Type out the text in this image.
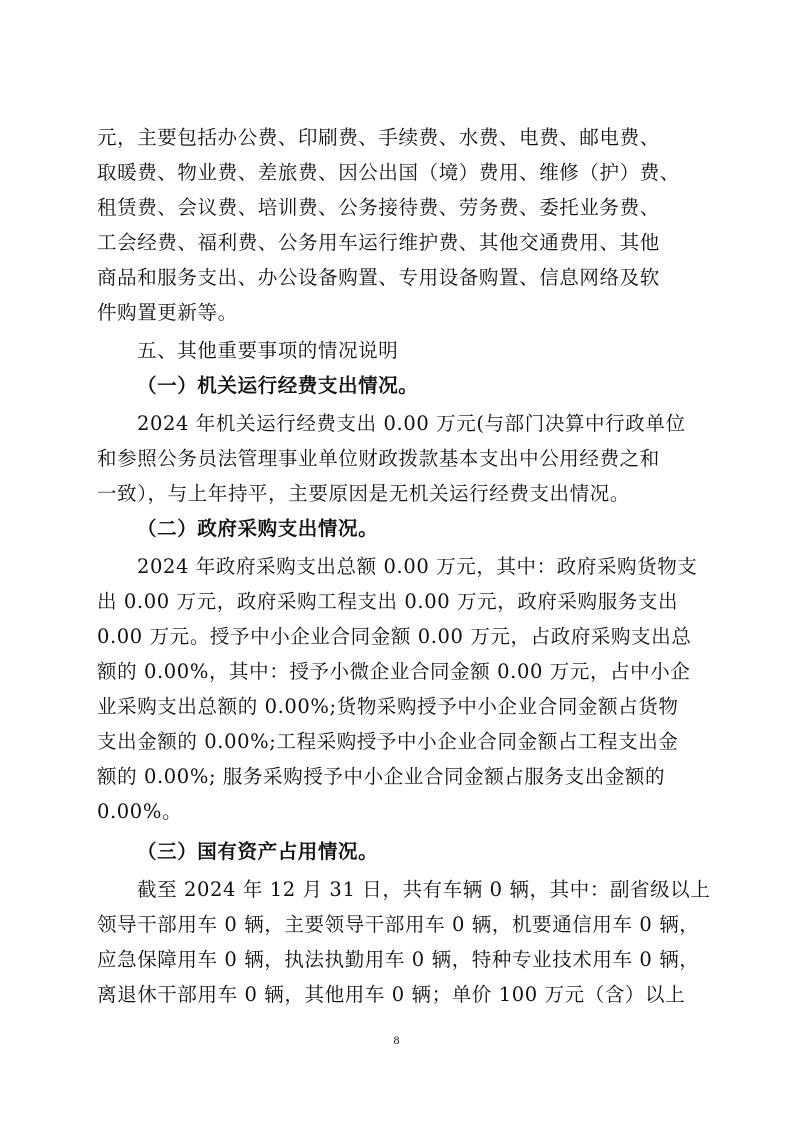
元，主要包括办公费、印刷费、手续费、水费、电费、邮电费、
取暖费、物业费、差旅费、因公出国（境）费用、维修（护）费、
租赁费、会议费、培训费、公务接待费、劳务费、委托业务费、
工会经费、福利费、公务用车运行维护费、其他交通费用、其他
商品和服务支出、办公设备购置、专用设备购置、信息网络及软
件购置更新等。
五、其他重要事项的情况说明
（一）机关运行经费支出情况。
2024 年机关运行经费支出 0.00 万元(与部门决算中行政单位
和参照公务员法管理事业单位财政拨款基本支出中公用经费之和
一致），与上年持平，主要原因是无机关运行经费支出情况。
（二）政府采购支出情况。
2024 年政府采购支出总额 0.00 万元，其中：政府采购货物支
出 0.00 万元，政府采购工程支出 0.00 万元，政府采购服务支出
0.00 万元。授予中小企业合同金额 0.00 万元，占政府采购支出总
额的 0.00%，其中：授予小微企业合同金额 0.00 万元，占中小企
业采购支出总额的 0.00%;货物采购授予中小企业合同金额占货物
支出金额的 0.00%;工程采购授予中小企业合同金额占工程支出金
额的 0.00%; 服务采购授予中小企业合同金额占服务支出金额的
0.00%。
（三）国有资产占用情况。
截至 2024 年 12 月 31 日，共有车辆 0 辆，其中：副省级以上
领导干部用车 0 辆，主要领导干部用车 0 辆，机要通信用车 0 辆，
应急保障用车 0 辆，执法执勤用车 0 辆，特种专业技术用车 0 辆，
离退休干部用车 0 辆，其他用车 0 辆；单价 100 万元（含）以上
8
